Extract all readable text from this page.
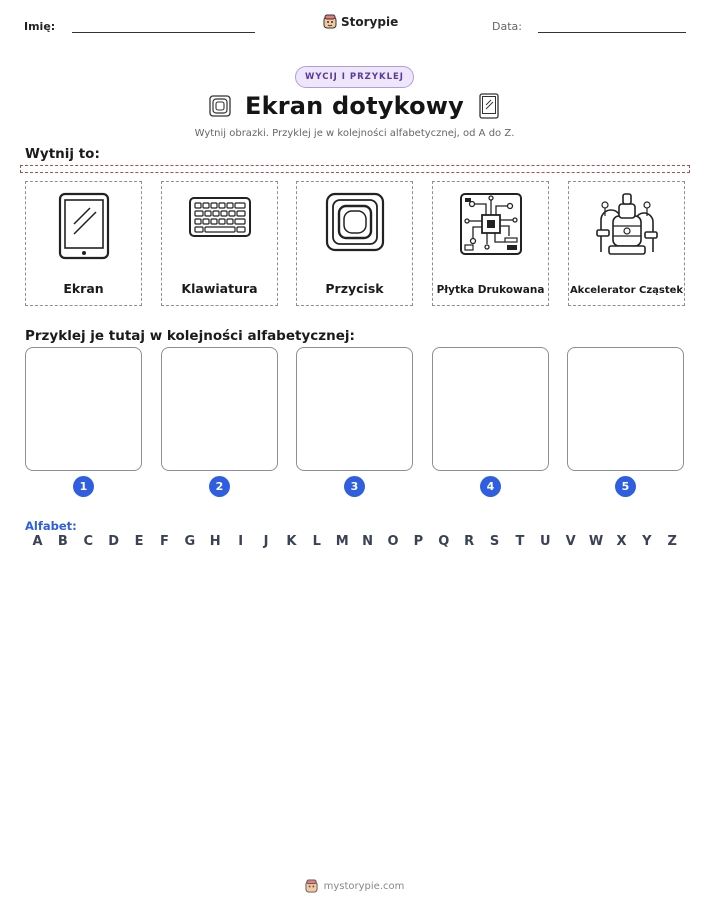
Imię:	Storypie	Data:
WYCIJ I PRZYKLEJ
Ekran dotykowy
Wytnij obrazki. Przyklej je w kolejności alfabetycznej, od A do Z.
Wytnij to:
Ekran	Klawiatura	Przycisk	Płytka Drukowana	Akcelerator Cząstek
Przyklej je tutaj w kolejności alfabetycznej:
1	2	3	4	5
Alfabet:
A	B	C	D	E	F	G	H	I	J	K	L	M	N	O	P	Q	R	S	T	U	V	W	X	Y	Z
mystorypie.com
